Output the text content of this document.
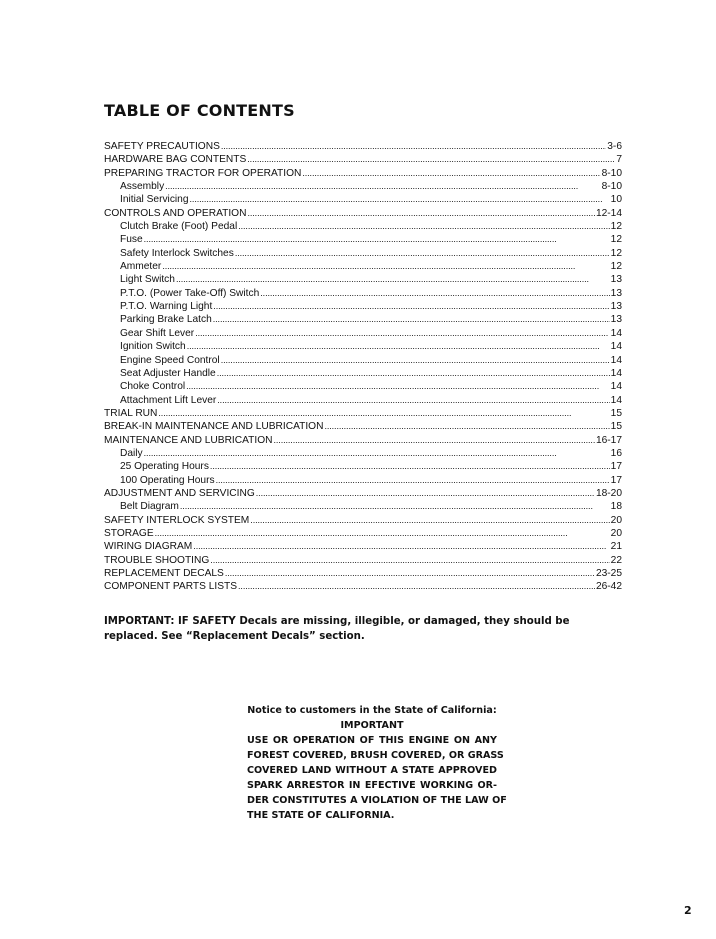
TABLE OF CONTENTS
SAFETY PRECAUTIONS . . .	3-6
HARDWARE BAG CONTENTS . . .	7
PREPARING TRACTOR FOR OPERATION . . .	8-10
Assembly . . .	8-10
Initial Servicing . . .	10
CONTROLS AND OPERATION . . .	12-14
Clutch Brake (Foot) Pedal . . .	12
Fuse . . .	12
Safety Interlock Switches . . .	12
Ammeter . . .	12
Light Switch . . .	13
P.T.O. (Power Take-Off) Switch . . .	13
P.T.O. Warning Light . . .	13
Parking Brake Latch . . .	13
Gear Shift Lever . . .	14
Ignition Switch . . .	14
Engine Speed Control . . .	14
Seat Adjuster Handle . . .	14
Choke Control . . .	14
Attachment Lift Lever . . .	14
TRIAL RUN . . .	15
BREAK-IN MAINTENANCE AND LUBRICATION . . .	15
MAINTENANCE AND LUBRICATION . . .	16-17
Daily . . .	16
25 Operating Hours . . .	17
100 Operating Hours . . .	17
ADJUSTMENT AND SERVICING . . .	18-20
Belt Diagram . . .	18
SAFETY INTERLOCK SYSTEM . . .	20
STORAGE . . .	20
WIRING DIAGRAM . . .	21
TROUBLE SHOOTING . . .	22
REPLACEMENT DECALS . . .	23-25
COMPONENT PARTS LISTS . . .	26-42

IMPORTANT: IF SAFETY Decals are missing, illegible, or damaged, they should be replaced. See “Replacement Decals” section.

Notice to customers in the State of California:
IMPORTANT
USE OR OPERATION OF THIS ENGINE ON ANY
FOREST COVERED, BRUSH COVERED, OR GRASS
COVERED LAND WITHOUT A STATE APPROVED
SPARK ARRESTOR IN EFECTIVE WORKING OR-
DER CONSTITUTES A VIOLATION OF THE LAW OF
THE STATE OF CALIFORNIA.
2
